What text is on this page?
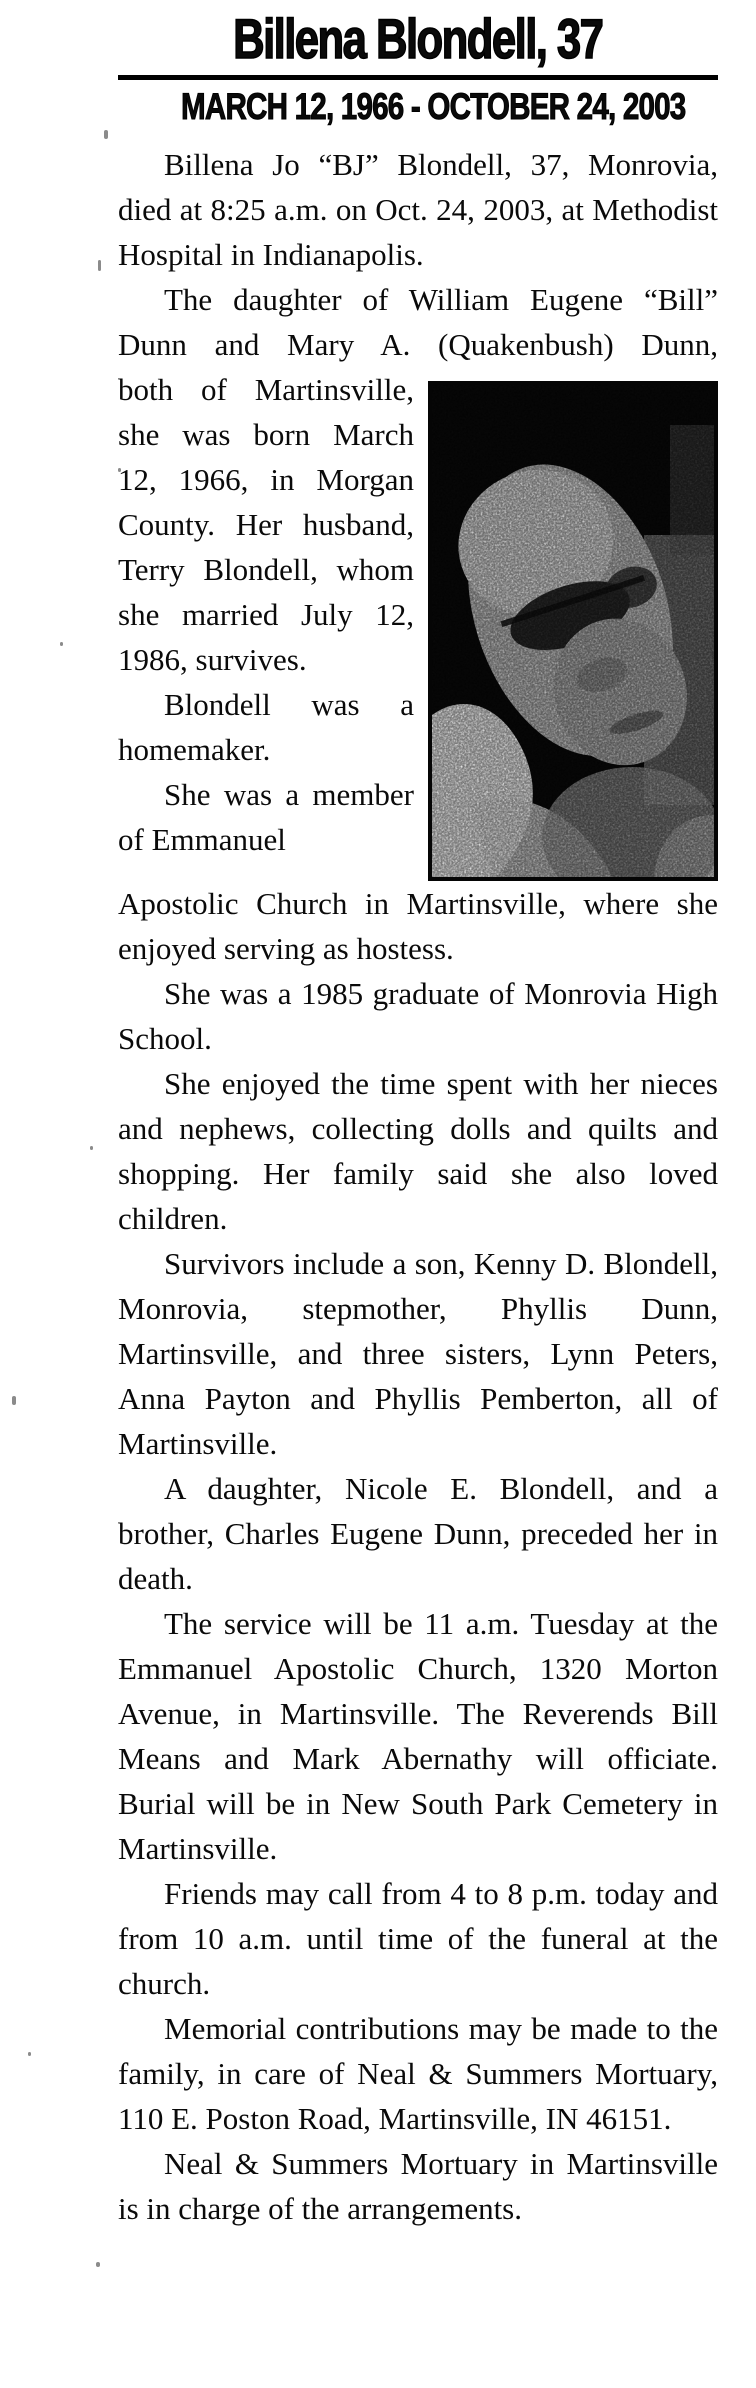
Billena Blondell, 37
MARCH 12, 1966 - OCTOBER 24, 2003

Billena Jo “BJ” Blondell, 37, Monrovia, died at 8:25 a.m. on Oct. 24, 2003, at Methodist Hospital in Indianapolis.

The daughter of William Eugene “Bill” Dunn and Mary A. (Quakenbush) Dunn,

both of Martinsville, she was born March 12, 1966, in Morgan County. Her husband, Terry Blondell, whom she married July 12, 1986, survives.

Blondell was a homemaker.

She was a member of Emmanuel

Apostolic Church in Martinsville, where she enjoyed serving as hostess.

She was a 1985 graduate of Monrovia High School.

She enjoyed the time spent with her nieces and nephews, collecting dolls and quilts and shopping. Her family said she also loved children.

Survivors include a son, Kenny D. Blondell, Monrovia, stepmother, Phyllis Dunn, Martinsville, and three sisters, Lynn Peters, Anna Payton and Phyllis Pemberton, all of Martinsville.

A daughter, Nicole E. Blondell, and a brother, Charles Eugene Dunn, preceded her in death.

The service will be 11 a.m. Tuesday at the Emmanuel Apostolic Church, 1320 Morton Avenue, in Martinsville. The Reverends Bill Means and Mark Abernathy will officiate. Burial will be in New South Park Cemetery in Martinsville.

Friends may call from 4 to 8 p.m. today and from 10 a.m. until time of the funeral at the church.

Memorial contributions may be made to the family, in care of Neal & Summers Mortuary, 110 E. Poston Road, Martinsville, IN 46151.

Neal & Summers Mortuary in Martinsville is in charge of the arrangements.
